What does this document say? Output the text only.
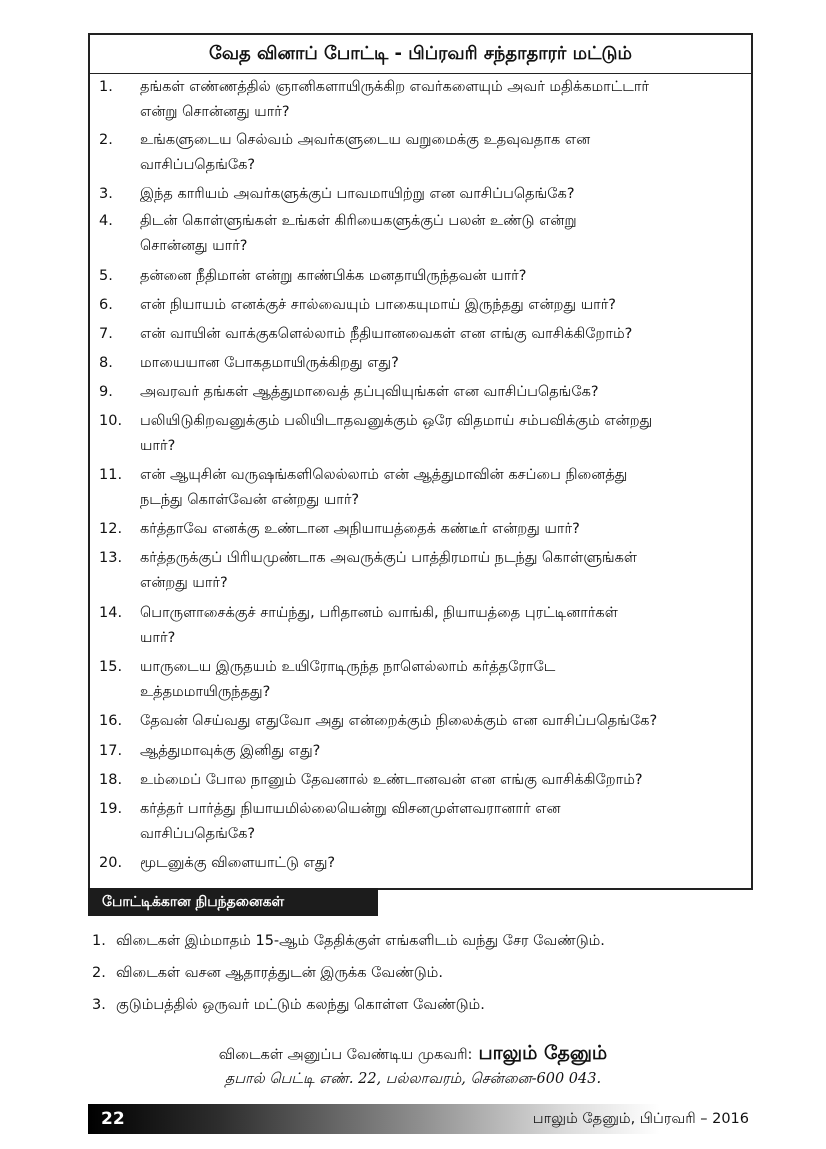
வேத வினாப் போட்டி - பிப்ரவரி சந்தாதாரர் மட்டும்
1.	தங்கள் எண்ணத்தில் ஞானிகளாயிருக்கிற எவர்களையும் அவர் மதிக்கமாட்டார்
என்று சொன்னது யார்?
2.	உங்களுடைய செல்வம் அவர்களுடைய வறுமைக்கு உதவுவதாக என
வாசிப்பதெங்கே?
3.	இந்த காரியம் அவர்களுக்குப் பாவமாயிற்று என வாசிப்பதெங்கே?
4.	திடன் கொள்ளுங்கள் உங்கள் கிரியைகளுக்குப் பலன் உண்டு என்று
சொன்னது யார்?
5.	தன்னை நீதிமான் என்று காண்பிக்க மனதாயிருந்தவன் யார்?
6.	என் நியாயம் எனக்குச் சால்வையும் பாகையுமாய் இருந்தது என்றது யார்?
7.	என் வாயின் வாக்குகளெல்லாம் நீதியானவைகள் என எங்கு வாசிக்கிறோம்?
8.	மாயையான போகதமாயிருக்கிறது எது?
9.	அவரவர் தங்கள் ஆத்துமாவைத் தப்புவியுங்கள் என வாசிப்பதெங்கே?
10.	பலியிடுகிறவனுக்கும் பலியிடாதவனுக்கும் ஒரே விதமாய் சம்பவிக்கும் என்றது
யார்?
11.	என் ஆயுசின் வருஷங்களிலெல்லாம் என் ஆத்துமாவின் கசப்பை நினைத்து
நடந்து கொள்வேன் என்றது யார்?
12.	கர்த்தாவே எனக்கு உண்டான அநியாயத்தைக் கண்டீர் என்றது யார்?
13.	கர்த்தருக்குப் பிரியமுண்டாக அவருக்குப் பாத்திரமாய் நடந்து கொள்ளுங்கள்
என்றது யார்?
14.	பொருளாசைக்குச் சாய்ந்து, பரிதானம் வாங்கி, நியாயத்தை புரட்டினார்கள்
யார்?
15.	யாருடைய இருதயம் உயிரோடிருந்த நாளெல்லாம் கர்த்தரோடே
உத்தமமாயிருந்தது?
16.	தேவன் செய்வது எதுவோ அது என்றைக்கும் நிலைக்கும் என வாசிப்பதெங்கே?
17.	ஆத்துமாவுக்கு இனிது எது?
18.	உம்மைப் போல நானும் தேவனால் உண்டானவன் என எங்கு வாசிக்கிறோம்?
19.	கர்த்தர் பார்த்து நியாயமில்லையென்று விசனமுள்ளவரானார் என
வாசிப்பதெங்கே?
20.	மூடனுக்கு விளையாட்டு எது?
போட்டிக்கான நிபந்தனைகள்
1. விடைகள் இம்மாதம் 15-ஆம் தேதிக்குள் எங்களிடம் வந்து சேர வேண்டும்.
2. விடைகள் வசன ஆதாரத்துடன் இருக்க வேண்டும்.
3. குடும்பத்தில் ஒருவர் மட்டும் கலந்து கொள்ள வேண்டும்.
விடைகள் அனுப்ப வேண்டிய முகவரி: பாலும் தேனும்
தபால் பெட்டி எண். 22, பல்லாவரம், சென்னை-600 043.
22	பாலும் தேனும், பிப்ரவரி – 2016
